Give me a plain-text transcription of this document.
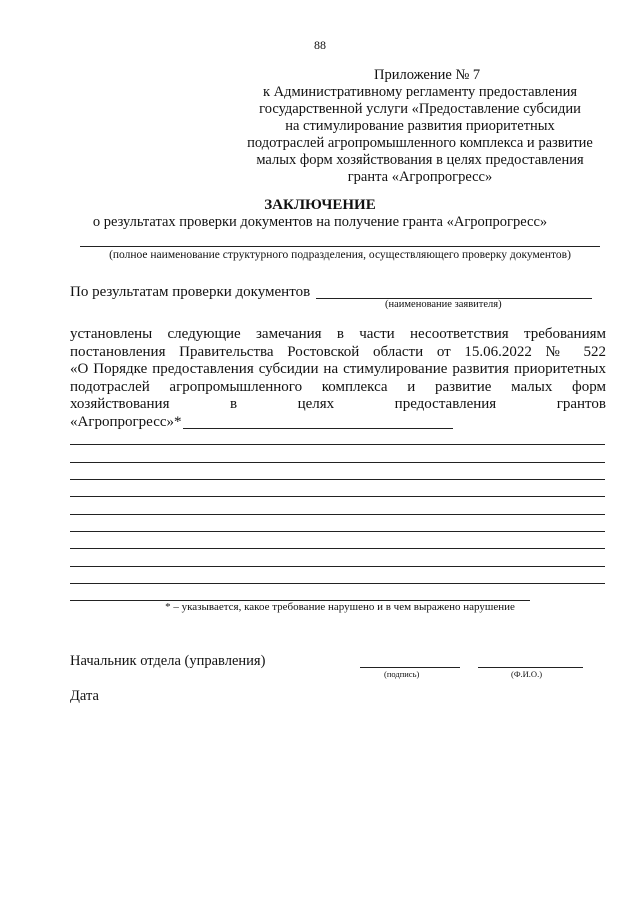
88
Приложение № 7
к Административному регламенту предоставления
государственной услуги «Предоставление субсидии
на стимулирование развития приоритетных
подотраслей агропромышленного комплекса и развитие
малых форм хозяйствования в целях предоставления
гранта «Агропрогресс»
ЗАКЛЮЧЕНИЕ
о результатах проверки документов на получение гранта «Агропрогресс»
(полное наименование структурного подразделения, осуществляющего проверку документов)
По результатам проверки документов
(наименование заявителя)
установлены следующие замечания в части несоответствия требованиям
постановления Правительства Ростовской области от 15.06.2022 № 522
«О Порядке предоставления субсидии на стимулирование развития приоритетных
подотраслей агропромышленного комплекса и развитие малых форм
хозяйствования в целях предоставления грантов
«Агропрогресс»*
* – указывается, какое требование нарушено и в чем выражено нарушение
Начальник отдела (управления)
(подпись)	(Ф.И.О.)
Дата
